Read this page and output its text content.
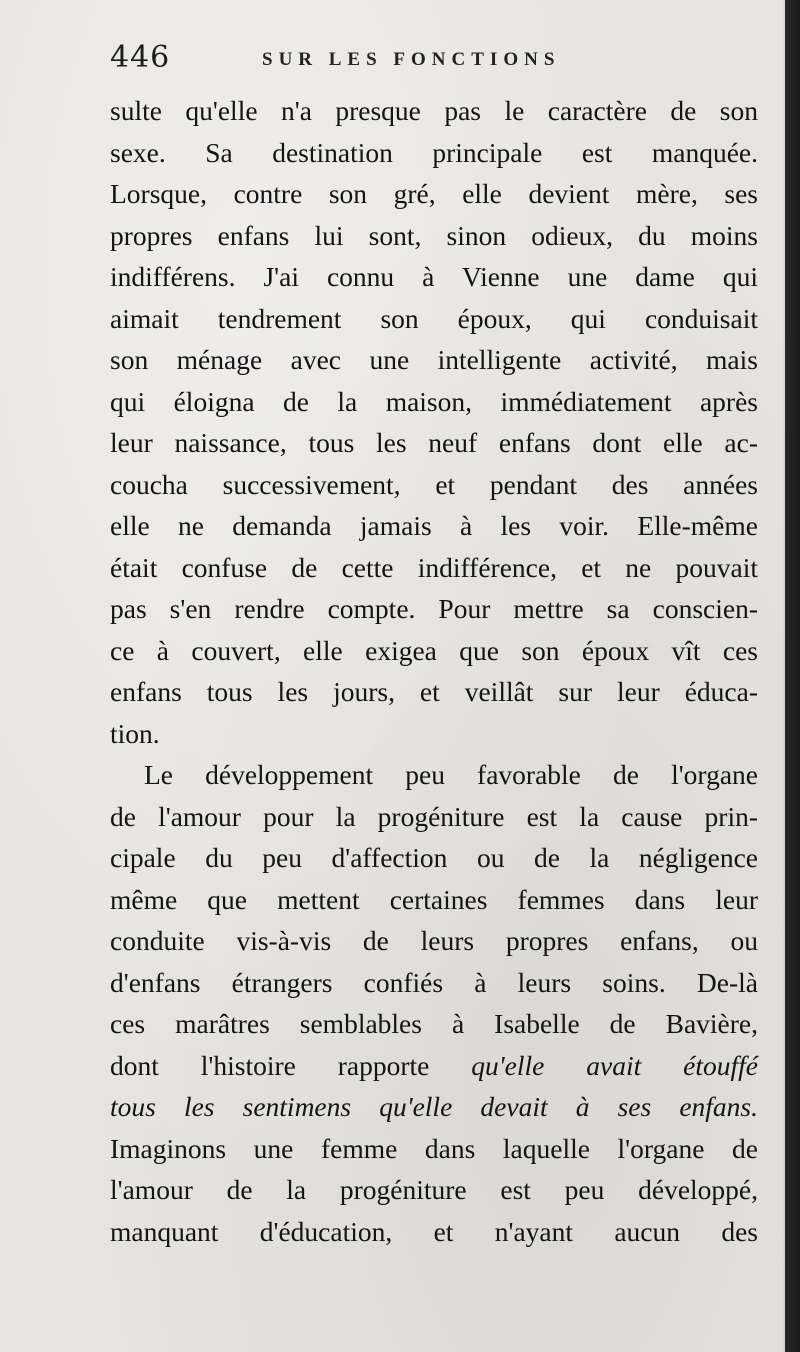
446	SUR LES FONCTIONS
sulte qu'elle n'a presque pas le caractère de son
sexe. Sa destination principale est manquée.
Lorsque, contre son gré, elle devient mère, ses
propres enfans lui sont, sinon odieux, du moins
indifférens. J'ai connu à Vienne une dame qui
aimait tendrement son époux, qui conduisait
son ménage avec une intelligente activité, mais
qui éloigna de la maison, immédiatement après
leur naissance, tous les neuf enfans dont elle ac-
coucha successivement, et pendant des années
elle ne demanda jamais à les voir. Elle-même
était confuse de cette indifférence, et ne pouvait
pas s'en rendre compte. Pour mettre sa conscien-
ce à couvert, elle exigea que son époux vît ces
enfans tous les jours, et veillât sur leur éduca-
tion.
Le développement peu favorable de l'organe
de l'amour pour la progéniture est la cause prin-
cipale du peu d'affection ou de la négligence
même que mettent certaines femmes dans leur
conduite vis-à-vis de leurs propres enfans, ou
d'enfans étrangers confiés à leurs soins. De-là
ces marâtres semblables à Isabelle de Bavière,
dont l'histoire rapporte qu'elle avait étouffé
tous les sentimens qu'elle devait à ses enfans.
Imaginons une femme dans laquelle l'organe de
l'amour de la progéniture est peu développé,
manquant d'éducation, et n'ayant aucun des
